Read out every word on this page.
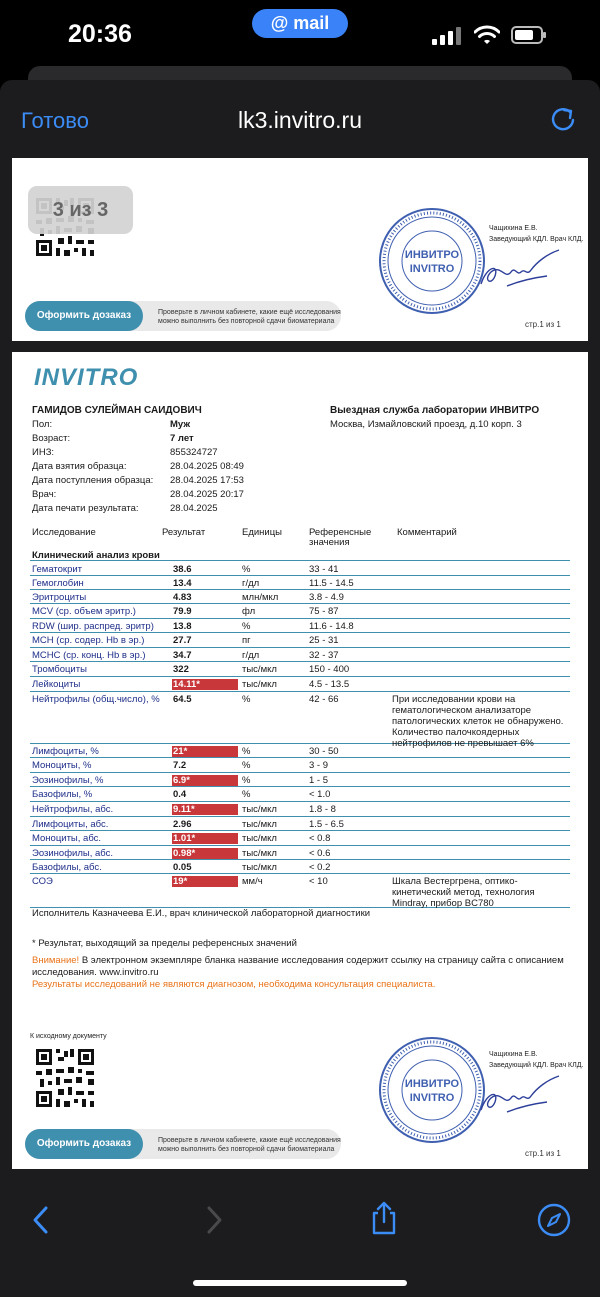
20:36	@ mail
Готово	lk3.invitro.ru
ИНВИТРО
INVITRO
Чащихина Е.В.
Заведующий КДЛ. Врач КЛД.
Оформить дозаказ	Проверьте в личном кабинете, какие ещё исследования
можно выполнить без повторной сдачи биоматериала	стр.1 из 1
3 из 3
INVITRO
ГАМИДОВ СУЛЕЙМАН САИДОВИЧ
Пол:	Муж
Возраст:	7 лет
ИНЗ:	855324727
Дата взятия образца:	28.04.2025 08:49
Дата поступления образца: 28.04.2025 17:53
Врач:	28.04.2025 20:17
Дата печати результата:	28.04.2025
Выездная служба лаборатории ИНВИТРО
Москва, Измайловский проезд, д.10 корп. 3
Исследование	Результат	Единицы	Референсные
значения
Комментарий
Клинический анализ крови
Гематокрит	38.6	%	33 - 41
Гемоглобин	13.4	г/дл	11.5 - 14.5
Эритроциты	4.83	млн/мкл	3.8 - 4.9
MCV (ср. объем эритр.)	79.9	фл	75 - 87
RDW (шир. распред. эритр)	13.8	%	11.6 - 14.8
MCH (ср. содер. Hb в эр.)	27.7	пг	25 - 31
MCHC (ср. конц. Hb в эр.)	34.7	г/дл	32 - 37
Тромбоциты	322	тыс/мкл	150 - 400
Лейкоциты	14.11*	тыс/мкл	4.5 - 13.5
Нейтрофилы (общ.число), %	64.5	%	42 - 66	При исследовании крови на гематологическом анализаторе патологических клеток не обнаружено. Количество палочкоядерных нейтрофилов не превышает 6%
Лимфоциты, %	21*	%	30 - 50
Моноциты, %	7.2	%	3 - 9
Эозинофилы, %	6.9*	%	1 - 5
Базофилы, %	0.4	%	< 1.0
Нейтрофилы, абс.	9.11*	тыс/мкл	1.8 - 8
Лимфоциты, абс.	2.96	тыс/мкл	1.5 - 6.5
Моноциты, абс.	1.01*	тыс/мкл	< 0.8
Эозинофилы, абс.	0.98*	тыс/мкл	< 0.6
Базофилы, абс.	0.05	тыс/мкл	< 0.2
СОЭ	19*	мм/ч	< 10	Шкала Вестергрена, оптико-кинетический метод, технология Mindray, прибор BC780
Исполнитель Казначеева Е.И., врач клинической лабораторной диагностики
* Результат, выходящий за пределы референсных значений
Внимание! В электронном экземпляре бланка название исследования содержит ссылку на страницу сайта с описанием исследования. www.invitro.ru
Результаты исследований не являются диагнозом, необходима консультация специалиста.
К исходному документу
ИНВИТРО
INVITRO
Чащихина Е.В.
Заведующий КДЛ. Врач КЛД.
Оформить дозаказ	Проверьте в личном кабинете, какие ещё исследования
можно выполнить без повторной сдачи биоматериала	стр.1 из 1
